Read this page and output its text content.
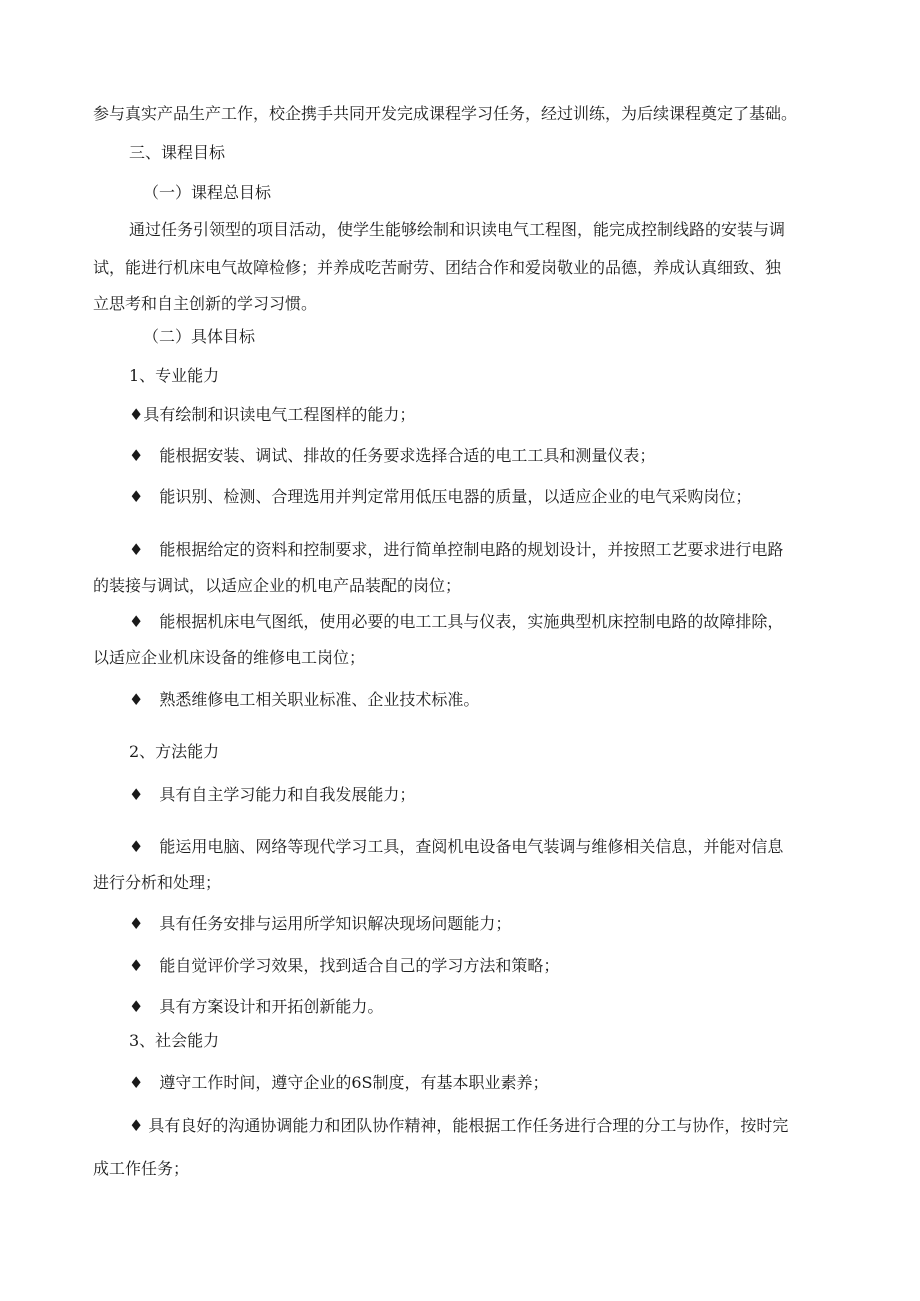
参与真实产品生产工作，校企携手共同开发完成课程学习任务，经过训练，为后续课程奠定了基础。

三、课程目标

（一）课程总目标

通过任务引领型的项目活动，使学生能够绘制和识读电气工程图，能完成控制线路的安装与调

试，能进行机床电气故障检修；并养成吃苦耐劳、团结合作和爱岗敬业的品德，养成认真细致、独

立思考和自主创新的学习习惯。

（二）具体目标

1、专业能力

♦具有绘制和识读电气工程图样的能力；

♦　能根据安装、调试、排故的任务要求选择合适的电工工具和测量仪表；

♦　能识别、检测、合理选用并判定常用低压电器的质量，以适应企业的电气采购岗位；

♦　能根据给定的资料和控制要求，进行简单控制电路的规划设计，并按照工艺要求进行电路

的装接与调试，以适应企业的机电产品装配的岗位；

♦　能根据机床电气图纸，使用必要的电工工具与仪表，实施典型机床控制电路的故障排除，

以适应企业机床设备的维修电工岗位；

♦　熟悉维修电工相关职业标准、企业技术标准。

2、方法能力

♦　具有自主学习能力和自我发展能力；

♦　能运用电脑、网络等现代学习工具，查阅机电设备电气装调与维修相关信息，并能对信息

进行分析和处理；

♦　具有任务安排与运用所学知识解决现场问题能力；

♦　能自觉评价学习效果，找到适合自己的学习方法和策略；

♦　具有方案设计和开拓创新能力。

3、社会能力

♦　遵守工作时间，遵守企业的6S制度，有基本职业素养；

♦ 具有良好的沟通协调能力和团队协作精神，能根据工作任务进行合理的分工与协作，按时完

成工作任务；
